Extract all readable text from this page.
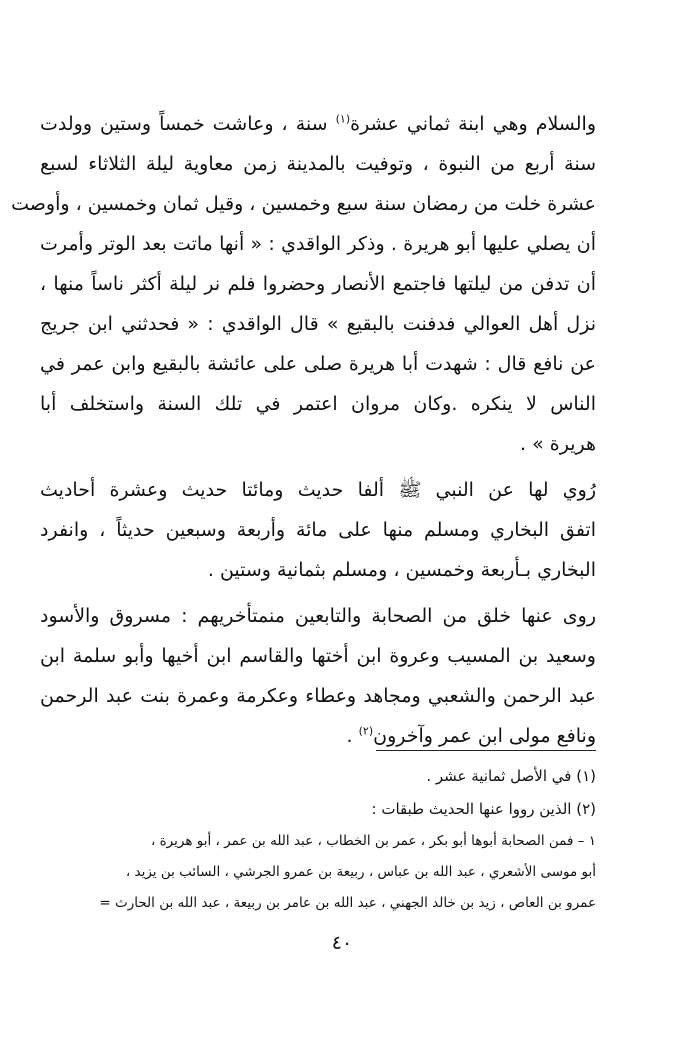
والسلام وهي ابنة ثماني عشرة$^{(١)}$ سنة ، وعاشت خمساً وستين وولدت
سنة أربع من النبوة ، وتوفيت بالمدينة زمن معاوية ليلة الثلاثاء لسبع
عشرة خلت من رمضان سنة سبع وخمسين ، وقيل ثمان وخمسين ، وأوصت
أن يصلي عليها أبو هريرة . وذكر الواقدي : « أنها ماتت بعد الوتر وأمرت
أن تدفن من ليلتها فاجتمع الأنصار وحضروا فلم نر ليلة أكثر ناساً منها ،
نزل أهل العوالي فدفنت بالبقيع » قال الواقدي : « فحدثني ابن جريج
عن نافع قال : شهدت أبا هريرة صلى على عائشة بالبقيع وابن عمر في
الناس لا ينكره .وكان مروان اعتمر في تلك السنة واستخلف أبا
هريرة » .
رُوي لها عن النبي ﷺ ألفا حديث ومائتا حديث وعشرة أحاديث
اتفق البخاري ومسلم منها على مائة وأربعة وسبعين حديثاً ، وانفرد
البخاري بـأربعة وخمسين ، ومسلم بثمانية وستين .
روى عنها خلق من الصحابة والتابعين منمتأخريهم : مسروق والأسود
وسعيد بن المسيب وعروة ابن أختها والقاسم ابن أخيها وأبو سلمة ابن
عبد الرحمن والشعبي ومجاهد وعطاء وعكرمة وعمرة بنت عبد الرحمن
ونافع مولى ابن عمر وآخرون$^{(٢)}$ .
(١) في الأصل ثمانية عشر .
(٢) الذين رووا عنها الحديث طبقات :
١ – فمن الصحابة أبوها أبو بكر ، عمر بن الخطاب ، عبد الله بن عمر ، أبو هريرة ،
أبو موسى الأشعري ، عبد الله بن عباس ، ربيعة بن عمرو الجرشي ، السائب بن يزيد ،
عمرو بن العاص ، زيد بن خالد الجهني ، عبد الله بن عامر بن ربيعة ، عبد الله بن الحارث =
٤٠
